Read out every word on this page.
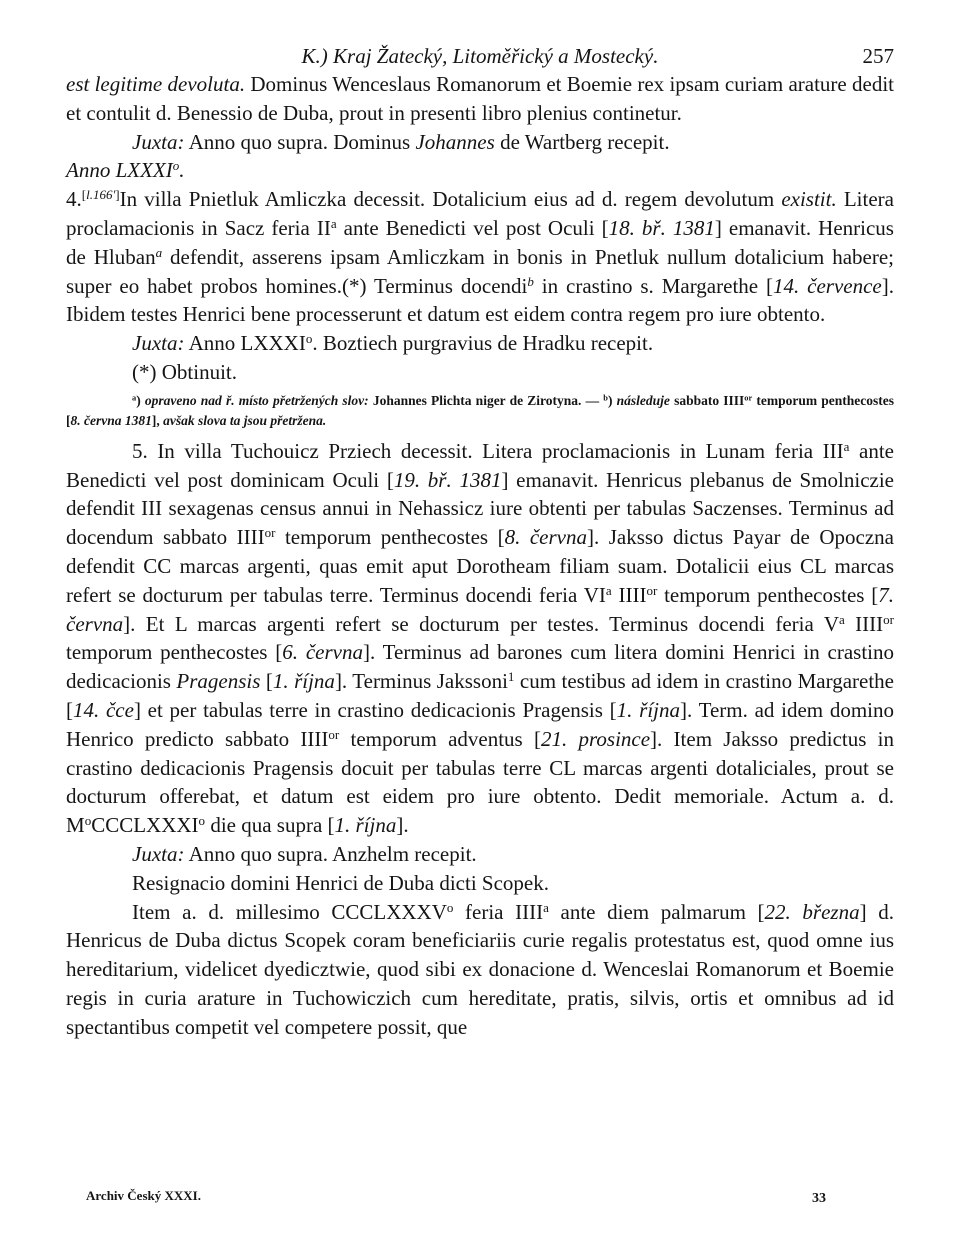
K.) Kraj Žatecký, Litoměřický a Mostecký.	257

est legitime devoluta. Dominus Wenceslaus Romanorum et Boemie rex ipsam curiam arature dedit et contulit d. Benessio de Duba, prout in presenti libro plenius continetur.

Juxta: Anno quo supra. Dominus Johannes de Wartberg recepit.

Anno LXXXI$^o$.

4.[l.166']In villa Pnietluk Amliczka decessit. Dotalicium eius ad d. regem devolutum existit. Litera proclamacionis in Sacz feria $II^a$ ante Benedicti vel post Oculi [18. bř. 1381] emanavit. Henricus de Hluban$^a$ defendit, asserens ipsam Amliczkam in bonis in Pnetluk nullum dotalicium habere; super eo habet probos homines.(*) Terminus docendi$^b$ in crastino s. Margarethe [14. července]. Ibidem testes Henrici bene processerunt et datum est eidem contra regem pro iure obtento.

Juxta: Anno LXXXI$^o$. Boztiech purgravius de Hradku recepit.

(*) Obtinuit.

$^a$) opraveno nad ř. místo přetržených slov: Johannes Plichta niger de Zirotyna. — $^b$) následuje sabbato $IIII^{or}$ temporum penthecostes [8. června 1381], avšak slova ta jsou přetržena.

5. In villa Tuchouicz Prziech decessit. Litera proclamacionis in Lunam feria III$^a$ ante Benedicti vel post dominicam Oculi [19. bř. 1381] emanavit. Henricus plebanus de Smolniczie defendit III sexagenas census annui in Nehassicz iure obtenti per tabulas Saczenses. Terminus ad docendum sabbato $IIII^{or}$ temporum penthecostes [8. června]. Jaksso dictus Payar de Opoczna defendit CC marcas argenti, quas emit aput Dorotheam filiam suam. Dotalicii eius CL marcas refert se docturum per tabulas terre. Terminus docendi feria $VI^a$ $IIII^{or}$ temporum penthecostes [7. června]. Et L marcas argenti refert se docturum per testes. Terminus docendi feria $V^a$ $IIII^{or}$ temporum penthecostes [6. června]. Terminus ad barones cum litera domini Henrici in crastino dedicacionis Pragensis [1. října]. Terminus Jakssoni$^1$ cum testibus ad idem in crastino Margarethe [14. čce] et per tabulas terre in crastino dedicacionis Pragensis [1. října]. Term. ad idem domino Henrico predicto sabbato $IIII^{or}$ temporum adventus [21. prosince]. Item Jaksso predictus in crastino dedicacionis Pragensis docuit per tabulas terre CL marcas argenti dotaliciales, prout se docturum offerebat, et datum est eidem pro iure obtento. Dedit memoriale. Actum a. d. $M^oCCCLXXXI^o$ die qua supra [1. října].

Juxta: Anno quo supra. Anzhelm recepit.

Resignacio domini Henrici de Duba dicti Scopek.

Item a. d. millesimo CCCLXXXV$^o$ feria IIII$^a$ ante diem palmarum [22. března] d. Henricus de Duba dictus Scopek coram beneficiariis curie regalis protestatus est, quod omne ius hereditarium, videlicet dyedicztwie, quod sibi ex donacione d. Wenceslai Romanorum et Boemie regis in curia arature in Tuchowiczich cum hereditate, pratis, silvis, ortis et omnibus ad id spectantibus competit vel competere possit, que

Archiv Český XXXI.	33
